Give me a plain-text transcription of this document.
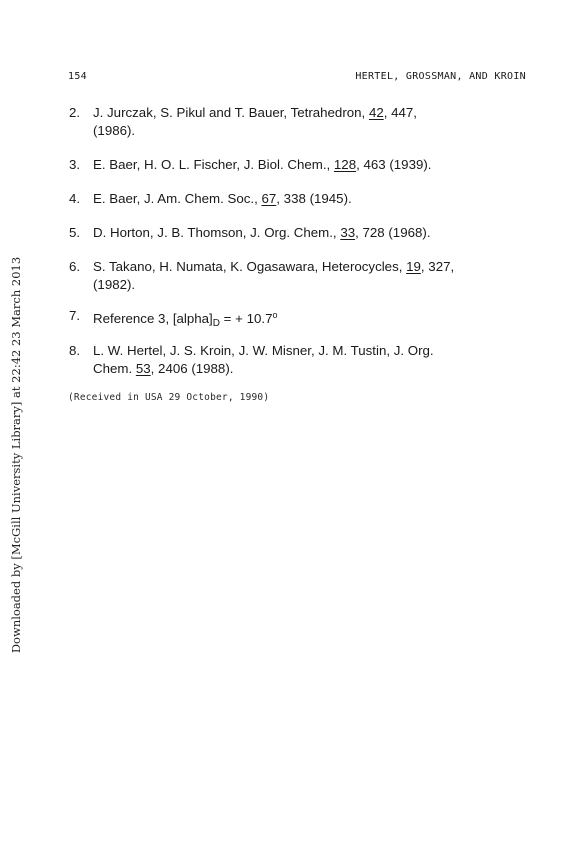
154	HERTEL, GROSSMAN, AND KROIN
Downloaded by [McGill University Library] at 22:42 23 March 2013
2. J. Jurczak, S. Pikul and T. Bauer, Tetrahedron, 42, 447,
(1986).
3. E. Baer, H. O. L. Fischer, J. Biol. Chem., 128, 463 (1939).
4. E. Baer, J. Am. Chem. Soc., 67, 338 (1945).
5. D. Horton, J. B. Thomson, J. Org. Chem., 33, 728 (1968).
6. S. Takano, H. Numata, K. Ogasawara, Heterocycles, 19, 327,
(1982).
7. Reference 3, $[alpha]_D$ = + $10.7^o$
8. L. W. Hertel, J. S. Kroin, J. W. Misner, J. M. Tustin, J. Org.
Chem. 53, 2406 (1988).
(Received in USA 29 October, 1990)
